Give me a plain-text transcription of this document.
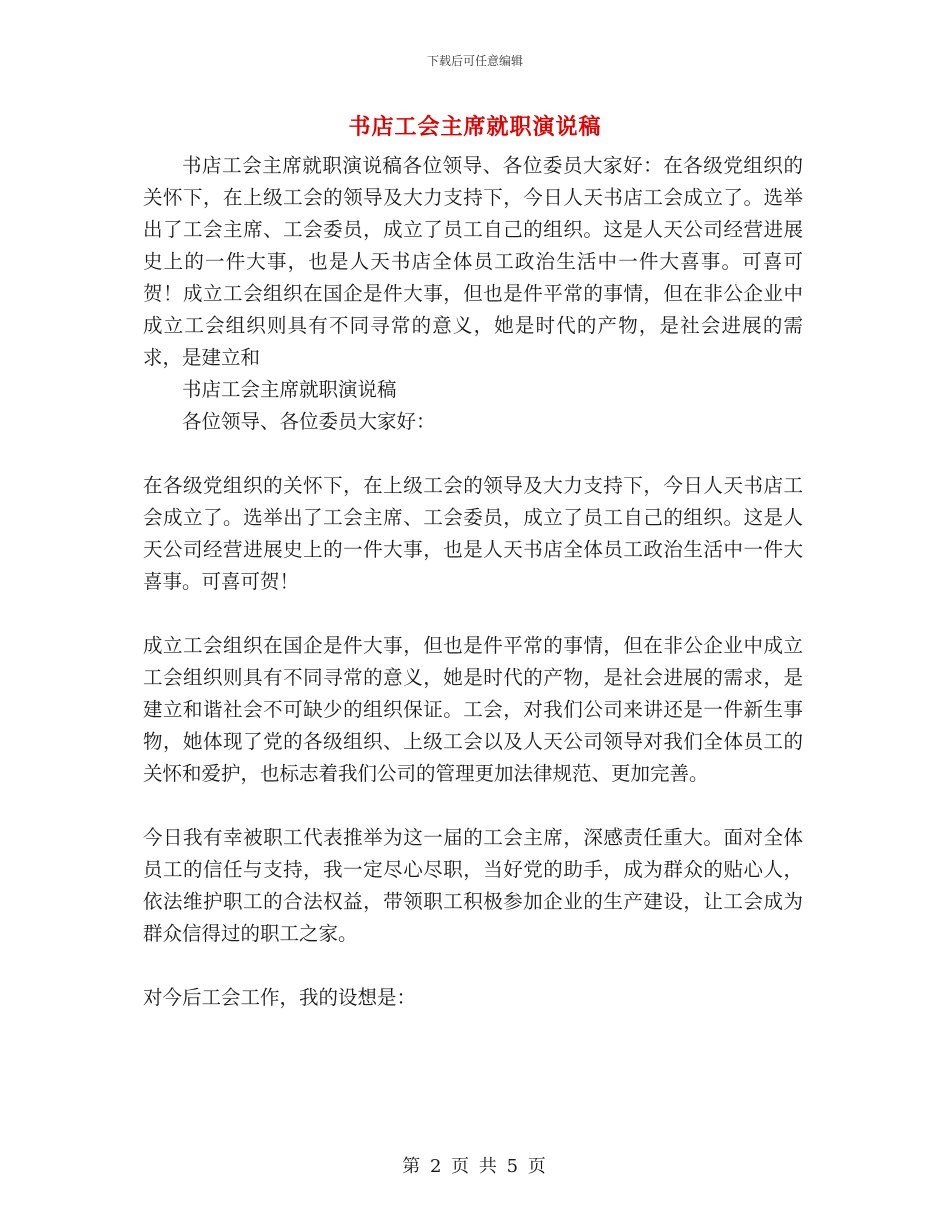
下载后可任意编辑
书店工会主席就职演说稿

书店工会主席就职演说稿各位领导、各位委员大家好：在各级党组织的关怀下，在上级工会的领导及大力支持下，今日人天书店工会成立了。选举出了工会主席、工会委员，成立了员工自己的组织。这是人天公司经营进展史上的一件大事，也是人天书店全体员工政治生活中一件大喜事。可喜可贺！成立工会组织在国企是件大事，但也是件平常的事情，但在非公企业中成立工会组织则具有不同寻常的意义，她是时代的产物，是社会进展的需求，是建立和

书店工会主席就职演说稿

各位领导、各位委员大家好：

在各级党组织的关怀下，在上级工会的领导及大力支持下，今日人天书店工会成立了。选举出了工会主席、工会委员，成立了员工自己的组织。这是人天公司经营进展史上的一件大事，也是人天书店全体员工政治生活中一件大喜事。可喜可贺！

成立工会组织在国企是件大事，但也是件平常的事情，但在非公企业中成立工会组织则具有不同寻常的意义，她是时代的产物，是社会进展的需求，是建立和谐社会不可缺少的组织保证。工会，对我们公司来讲还是一件新生事物，她体现了党的各级组织、上级工会以及人天公司领导对我们全体员工的关怀和爱护，也标志着我们公司的管理更加法律规范、更加完善。

今日我有幸被职工代表推举为这一届的工会主席，深感责任重大。面对全体员工的信任与支持，我一定尽心尽职，当好党的助手，成为群众的贴心人，依法维护职工的合法权益，带领职工积极参加企业的生产建设，让工会成为群众信得过的职工之家。

对今后工会工作，我的设想是：

第 2 页 共 5 页
